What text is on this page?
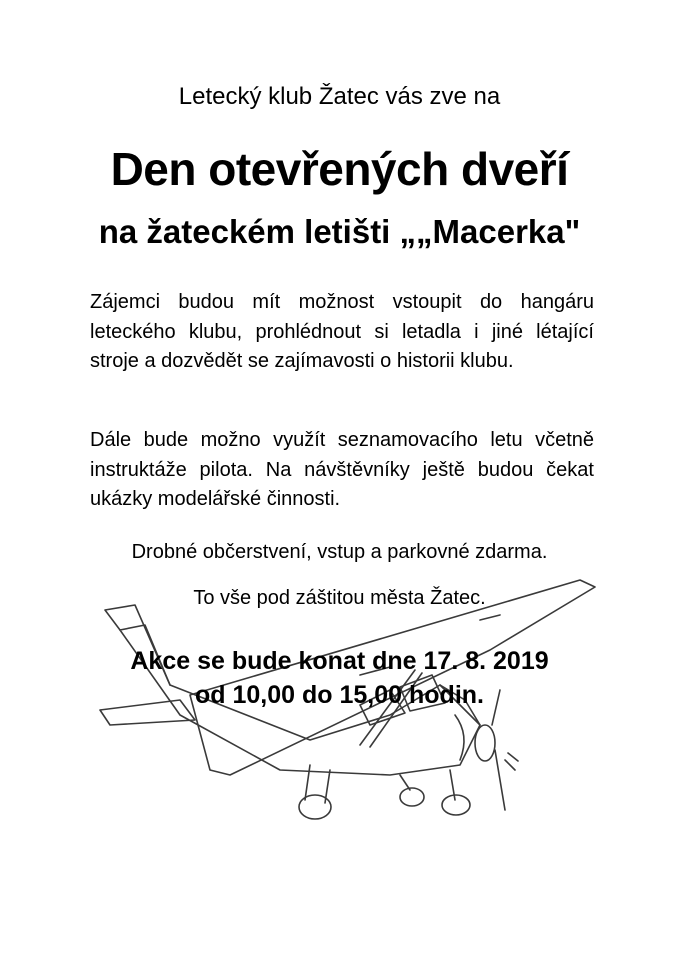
Letecký klub Žatec vás zve na
Den otevřených dveří
na žateckém letišti „„Macerka"
Zájemci budou mít možnost vstoupit do hangáru leteckého klubu, prohlédnout si letadla i jiné létající stroje a dozvědět se zajímavosti o historii klubu.
Dále bude možno využít seznamovacího letu včetně instruktáže pilota. Na návštěvníky ještě budou čekat ukázky modelářské činnosti.
Drobné občerstvení, vstup a parkovné zdarma.
To vše pod záštitou města Žatec.
Akce se bude konat dne 17. 8. 2019
od 10,00 do 15,00 hodin.
